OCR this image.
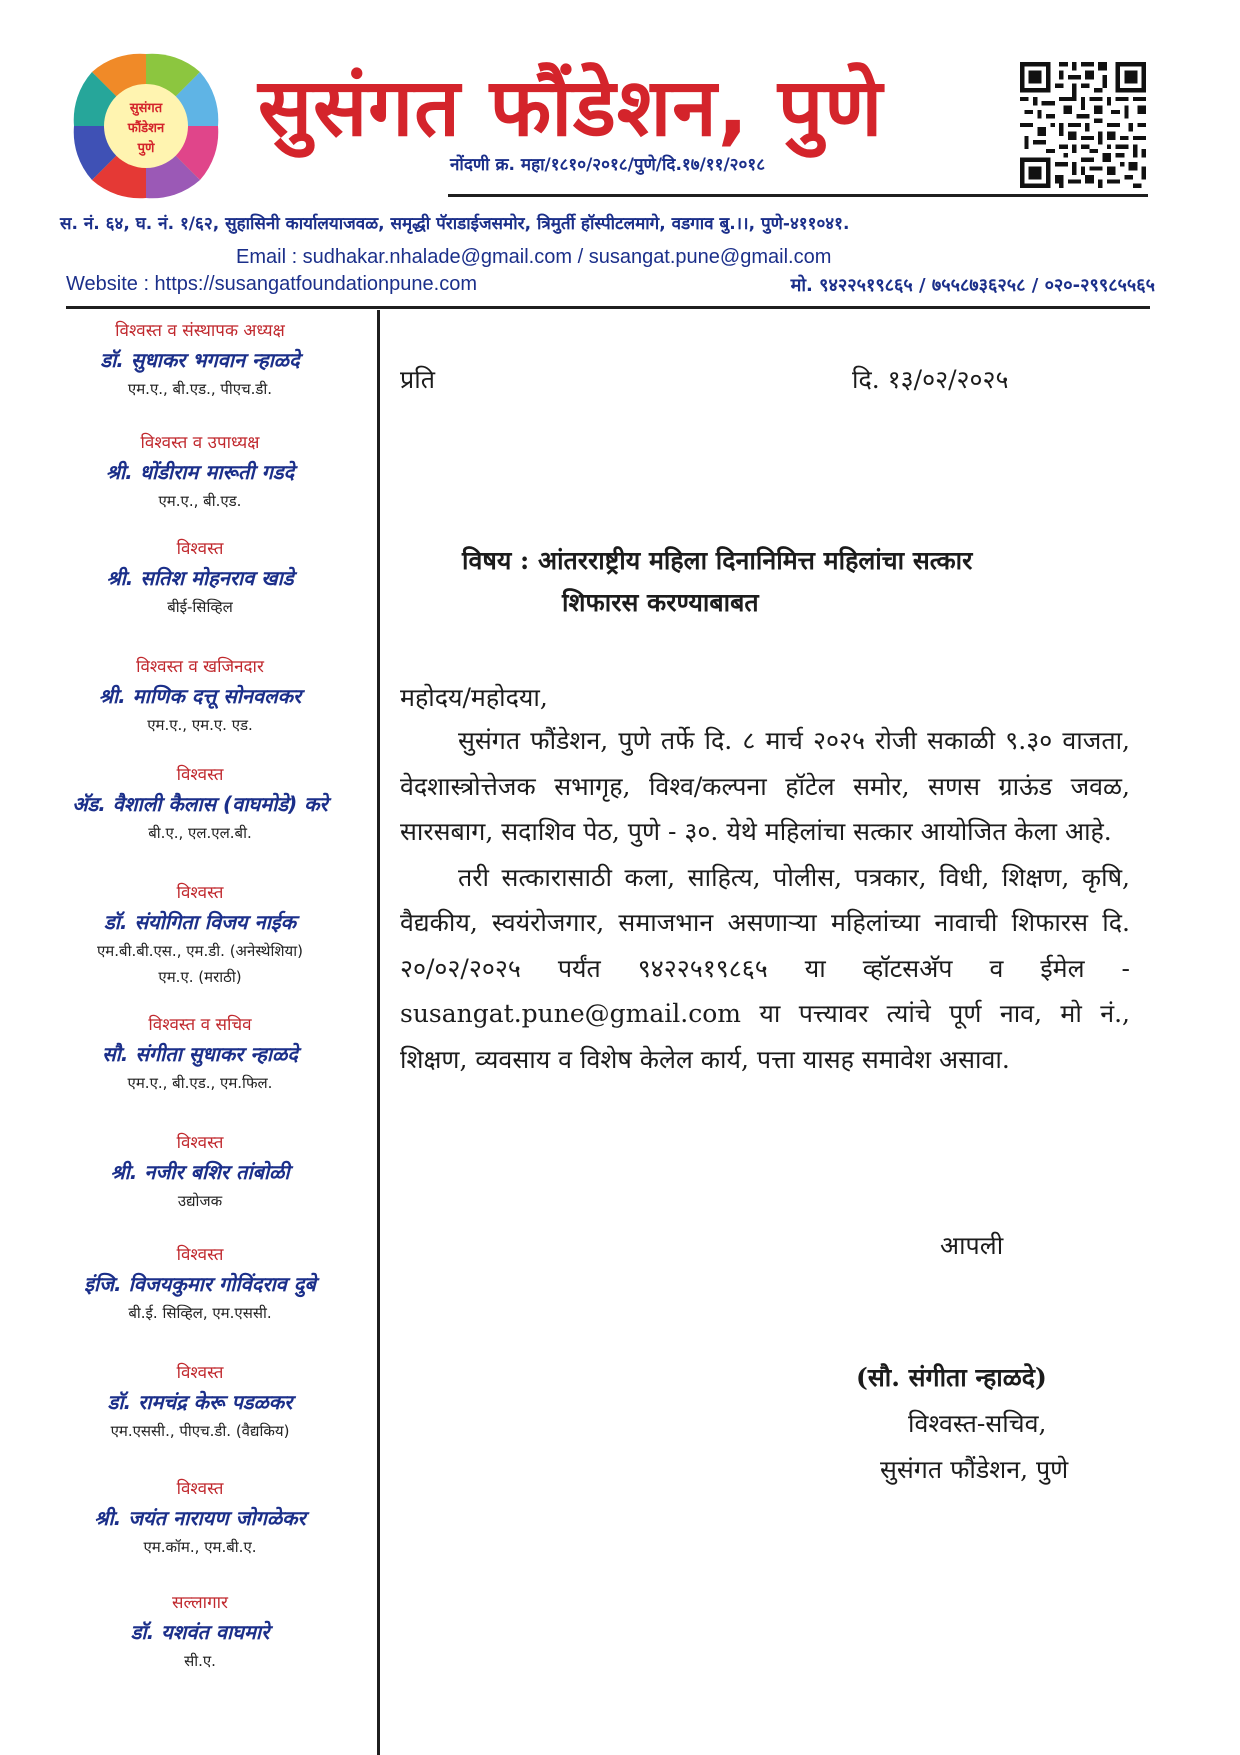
सुसंगत
फौंडेशन
पुणे सुसंगत फौंडेशन, पुणे
नोंदणी क्र. महा/१८१०/२०१८/पुणे/दि.१७/११/२०१८
स. नं. ६४, घ. नं. १/६२, सुहासिनी कार्यालयाजवळ, समृद्धी पॅराडाईजसमोर, त्रिमुर्ती हॉस्पीटलमागे, वडगाव बु.।।, पुणे-४११०४१.
Email : sudhakar.nhalade@gmail.com / susangat.pune@gmail.com
Website : https://susangatfoundationpune.com	मो. ९४२२५१९८६५ / ७५५८७३६२५८ / ०२०-२९९८५५६५
विश्वस्त व संस्थापक अध्यक्ष
डॉ. सुधाकर भगवान न्हाळदे
एम.ए., बी.एड., पीएच.डी.
विश्वस्त व उपाध्यक्ष
श्री. धोंडीराम मारूती गडदे
एम.ए., बी.एड.
विश्वस्त
श्री. सतिश मोहनराव खाडे
बीई-सिव्हिल
विश्वस्त व खजिनदार
श्री. माणिक दत्तू सोनवलकर
एम.ए., एम.ए. एड.
विश्वस्त
अ‍ॅड. वैशाली कैलास (वाघमोडे) करे
बी.ए., एल.एल.बी.
विश्वस्त
डॉ. संयोगिता विजय नाईक
एम.बी.बी.एस., एम.डी. (अनेस्थेशिया)
एम.ए. (मराठी)
विश्वस्त व सचिव
सौ. संगीता सुधाकर न्हाळदे
एम.ए., बी.एड., एम.फिल.
विश्वस्त
श्री. नजीर बशिर तांबोळी
उद्योजक
विश्वस्त
इंजि. विजयकुमार गोविंदराव दुबे
बी.ई. सिव्हिल, एम.एससी.
विश्वस्त
डॉ. रामचंद्र केरू पडळकर
एम.एससी., पीएच.डी. (वैद्यकिय)
विश्वस्त
श्री. जयंत नारायण जोगळेकर
एम.कॉम., एम.बी.ए.
सल्लागार
डॉ. यशवंत वाघमारे
सी.ए.
प्रति	दि. १३/०२/२०२५
विषय : आंतरराष्ट्रीय महिला दिनानिमित्त महिलांचा सत्कार
शिफारस करण्याबाबत
महोदय/महोदया,

सुसंगत फौंडेशन, पुणे तर्फे दि. ८ मार्च २०२५ रोजी सकाळी ९.३० वाजता, वेदशास्त्रोत्तेजक सभागृह, विश्व/कल्पना हॉटेल समोर, सणस ग्राऊंड जवळ, सारसबाग, सदाशिव पेठ, पुणे - ३०. येथे महिलांचा सत्कार आयोजित केला आहे.

तरी सत्कारासाठी कला, साहित्य, पोलीस, पत्रकार, विधी, शिक्षण, कृषि, वैद्यकीय, स्वयंरोजगार, समाजभान असणाऱ्या महिलांच्या नावाची शिफारस दि. २०/०२/२०२५ पर्यंत ९४२२५१९८६५ या व्हॉटसअ‍ॅप व ईमेल -susangat.pune@gmail.com या पत्त्यावर त्यांचे पूर्ण नाव, मो नं., शिक्षण, व्यवसाय व विशेष केलेल कार्य, पत्ता यासह समावेश असावा.

आपली
(सौ. संगीता न्हाळदे)
विश्वस्त-सचिव,
सुसंगत फौंडेशन, पुणे
